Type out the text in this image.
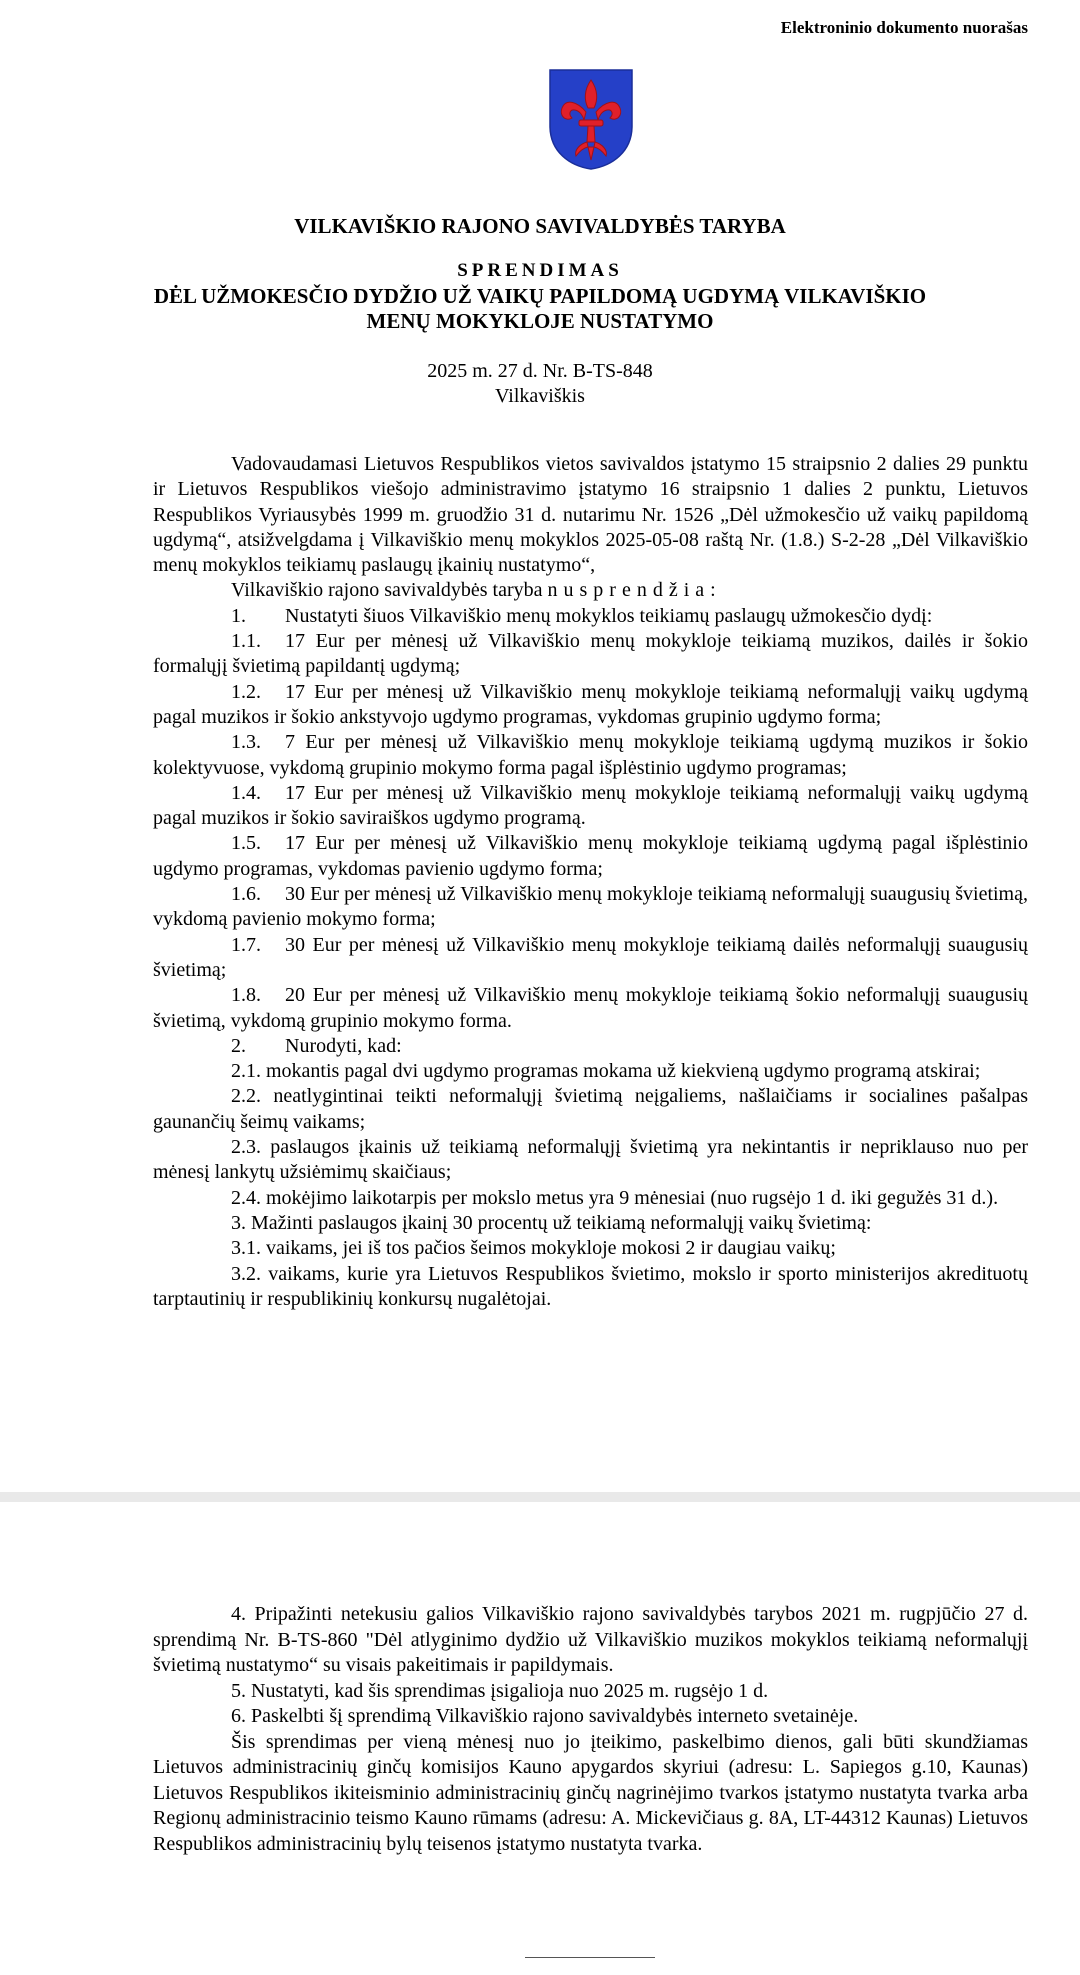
Elektroninio dokumento nuorašas
VILKAVIŠKIO RAJONO SAVIVALDYBĖS TARYBA
SPRENDIMAS
DĖL UŽMOKESČIO DYDŽIO UŽ VAIKŲ PAPILDOMĄ UGDYMĄ VILKAVIŠKIO
MENŲ MOKYKLOJE NUSTATYMO
2025 m. 27 d. Nr. B-TS-848
Vilkaviškis

Vadovaudamasi Lietuvos Respublikos vietos savivaldos įstatymo 15 straipsnio 2 dalies 29 punktu ir Lietuvos Respublikos viešojo administravimo įstatymo 16 straipsnio 1 dalies 2 punktu, Lietuvos Respublikos Vyriausybės 1999 m. gruodžio 31 d. nutarimu Nr. 1526 „Dėl užmokesčio už vaikų papildomą ugdymą“, atsižvelgdama į Vilkaviškio menų mokyklos 2025-05-08 raštą Nr. (1.8.) S-2-28 „Dėl Vilkaviškio menų mokyklos teikiamų paslaugų įkainių nustatymo“,

Vilkaviškio rajono savivaldybės taryba nusprendžia:

1. Nustatyti šiuos Vilkaviškio menų mokyklos teikiamų paslaugų užmokesčio dydį:

1.1. 17 Eur per mėnesį už Vilkaviškio menų mokykloje teikiamą muzikos, dailės ir šokio formalųjį švietimą papildantį ugdymą;

1.2. 17 Eur per mėnesį už Vilkaviškio menų mokykloje teikiamą neformalųjį vaikų ugdymą pagal muzikos ir šokio ankstyvojo ugdymo programas, vykdomas grupinio ugdymo forma;

1.3. 7 Eur per mėnesį už Vilkaviškio menų mokykloje teikiamą ugdymą muzikos ir šokio kolektyvuose, vykdomą grupinio mokymo forma pagal išplėstinio ugdymo programas;

1.4. 17 Eur per mėnesį už Vilkaviškio menų mokykloje teikiamą neformalųjį vaikų ugdymą pagal muzikos ir šokio saviraiškos ugdymo programą.

1.5. 17 Eur per mėnesį už Vilkaviškio menų mokykloje teikiamą ugdymą pagal išplėstinio ugdymo programas, vykdomas pavienio ugdymo forma;

1.6. 30 Eur per mėnesį už Vilkaviškio menų mokykloje teikiamą neformalųjį suaugusių švietimą, vykdomą pavienio mokymo forma;

1.7. 30 Eur per mėnesį už Vilkaviškio menų mokykloje teikiamą dailės neformalųjį suaugusių švietimą;

1.8. 20 Eur per mėnesį už Vilkaviškio menų mokykloje teikiamą šokio neformalųjį suaugusių švietimą, vykdomą grupinio mokymo forma.

2. Nurodyti, kad:

2.1. mokantis pagal dvi ugdymo programas mokama už kiekvieną ugdymo programą atskirai;

2.2. neatlygintinai teikti neformalųjį švietimą neįgaliems, našlaičiams ir socialines pašalpas gaunančių šeimų vaikams;

2.3. paslaugos įkainis už teikiamą neformalųjį švietimą yra nekintantis ir nepriklauso nuo per mėnesį lankytų užsiėmimų skaičiaus;

2.4. mokėjimo laikotarpis per mokslo metus yra 9 mėnesiai (nuo rugsėjo 1 d. iki gegužės 31 d.).

3. Mažinti paslaugos įkainį 30 procentų už teikiamą neformalųjį vaikų švietimą:

3.1. vaikams, jei iš tos pačios šeimos mokykloje mokosi 2 ir daugiau vaikų;

3.2. vaikams, kurie yra Lietuvos Respublikos švietimo, mokslo ir sporto ministerijos akredituotų tarptautinių ir respublikinių konkursų nugalėtojai.

4. Pripažinti netekusiu galios Vilkaviškio rajono savivaldybės tarybos 2021 m. rugpjūčio 27 d. sprendimą Nr. B-TS-860 "Dėl atlyginimo dydžio už Vilkaviškio muzikos mokyklos teikiamą neformalųjį švietimą nustatymo“ su visais pakeitimais ir papildymais.

5. Nustatyti, kad šis sprendimas įsigalioja nuo 2025 m. rugsėjo 1 d.

6. Paskelbti šį sprendimą Vilkaviškio rajono savivaldybės interneto svetainėje.

Šis sprendimas per vieną mėnesį nuo jo įteikimo, paskelbimo dienos, gali būti skundžiamas Lietuvos administracinių ginčų komisijos Kauno apygardos skyriui (adresu: L. Sapiegos g.10, Kaunas) Lietuvos Respublikos ikiteisminio administracinių ginčų nagrinėjimo tvarkos įstatymo nustatyta tvarka arba Regionų administracinio teismo Kauno rūmams (adresu: A. Mickevičiaus g. 8A, LT-44312 Kaunas) Lietuvos Respublikos administracinių bylų teisenos įstatymo nustatyta tvarka.
